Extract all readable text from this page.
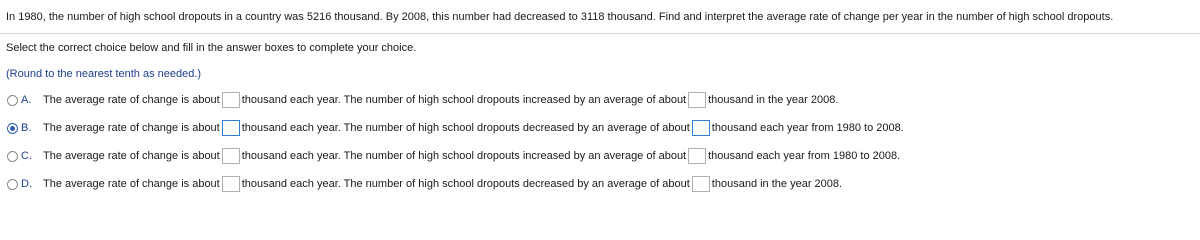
In 1980, the number of high school dropouts in a country was 5216 thousand. By 2008, this number had decreased to 3118 thousand. Find and interpret the average rate of change per year in the number of high school dropouts.
Select the correct choice below and fill in the answer boxes to complete your choice.
(Round to the nearest tenth as needed.)
A.	The average rate of change is about thousand each year. The number of high school dropouts increased by an average of about thousand in the year 2008.
B.	The average rate of change is about thousand each year. The number of high school dropouts decreased by an average of about thousand each year from 1980 to 2008.
C.	The average rate of change is about thousand each year. The number of high school dropouts increased by an average of about thousand each year from 1980 to 2008.
D.	The average rate of change is about thousand each year. The number of high school dropouts decreased by an average of about thousand in the year 2008.
